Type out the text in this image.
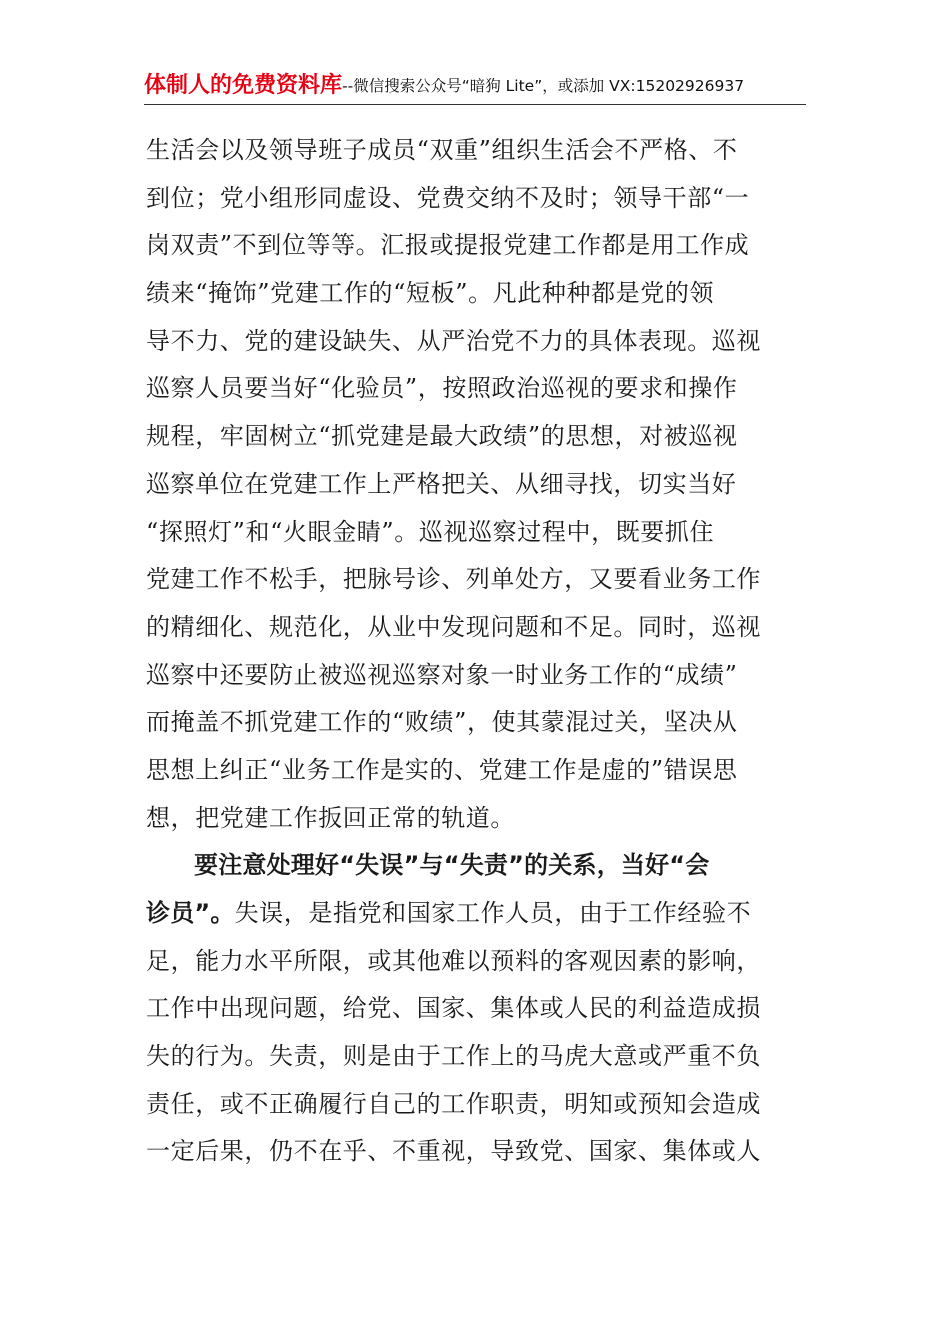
体制人的免费资料库--微信搜索公众号“暗狗 Lite”，或添加 VX:15202926937
生活会以及领导班子成员“双重”组织生活会不严格、不
到位；党小组形同虚设、党费交纳不及时；领导干部“一
岗双责”不到位等等。汇报或提报党建工作都是用工作成
绩来“掩饰”党建工作的“短板”。凡此种种都是党的领
导不力、党的建设缺失、从严治党不力的具体表现。巡视
巡察人员要当好“化验员”，按照政治巡视的要求和操作
规程，牢固树立“抓党建是最大政绩”的思想，对被巡视
巡察单位在党建工作上严格把关、从细寻找，切实当好
“探照灯”和“火眼金睛”。巡视巡察过程中，既要抓住
党建工作不松手，把脉号诊、列单处方，又要看业务工作
的精细化、规范化，从业中发现问题和不足。同时，巡视
巡察中还要防止被巡视巡察对象一时业务工作的“成绩”
而掩盖不抓党建工作的“败绩”，使其蒙混过关，坚决从
思想上纠正“业务工作是实的、党建工作是虚的”错误思
想，把党建工作扳回正常的轨道。
要注意处理好“失误”与“失责”的关系，当好“会
诊员”。失误，是指党和国家工作人员，由于工作经验不
足，能力水平所限，或其他难以预料的客观因素的影响，
工作中出现问题，给党、国家、集体或人民的利益造成损
失的行为。失责，则是由于工作上的马虎大意或严重不负
责任，或不正确履行自己的工作职责，明知或预知会造成
一定后果，仍不在乎、不重视，导致党、国家、集体或人
